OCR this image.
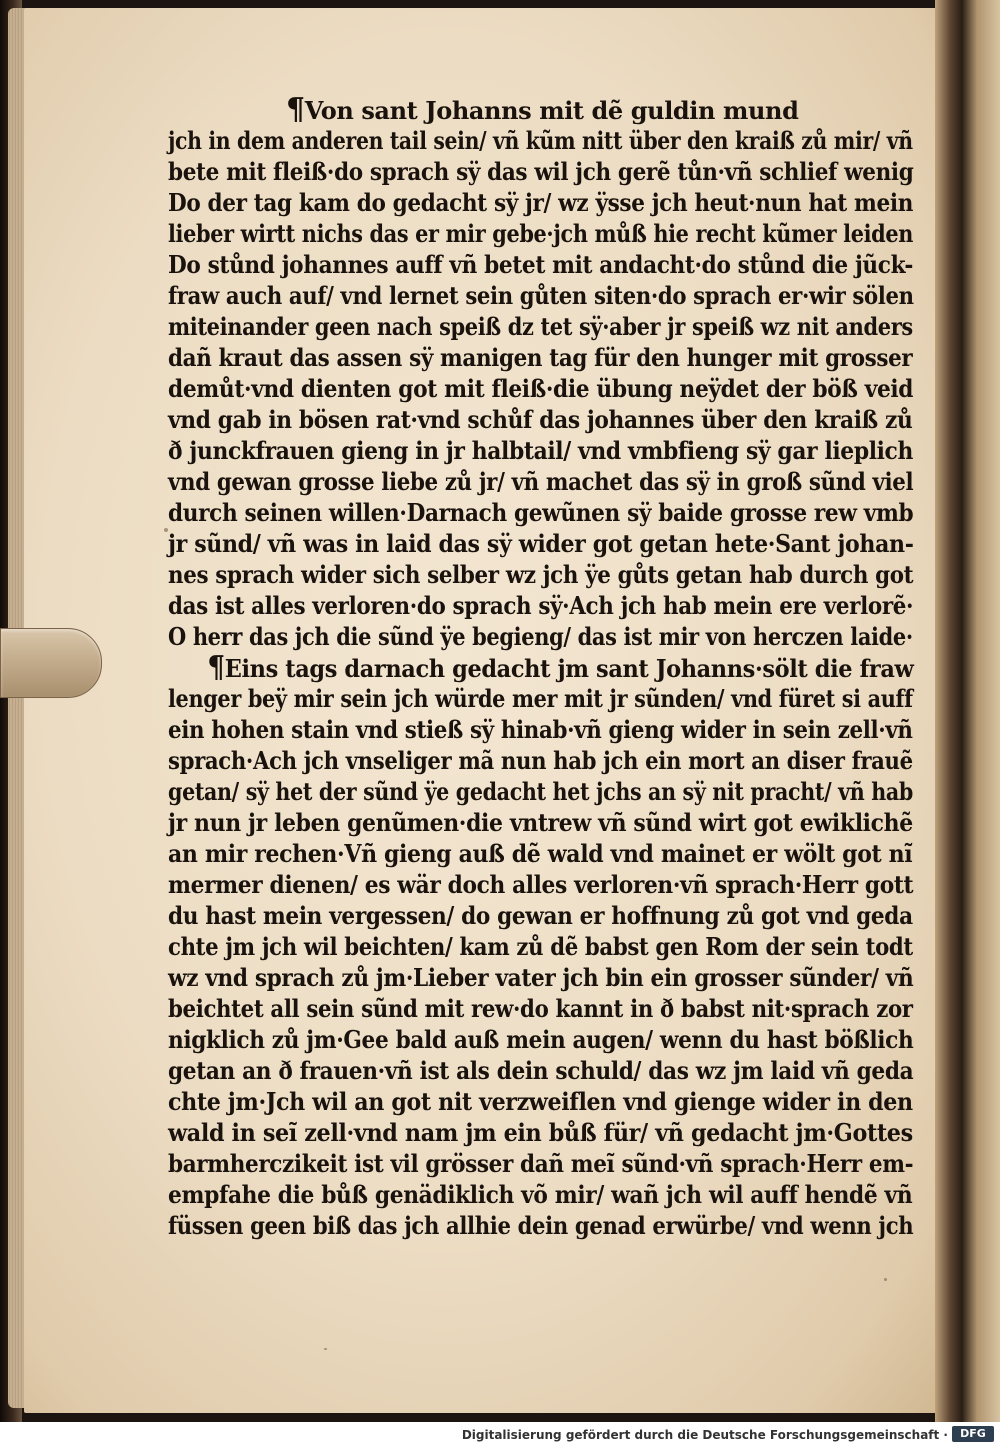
¶Von sant Johanns mit dẽ guldin mund
jch in dem anderen tail sein/ vñ kũm nitt über den kraiß zů mir/ vñ
bete mit fleiß·do sprach sÿ das wil jch gerẽ tůn·vñ schlief wenig
Do der tag kam do gedacht sÿ jr/ wz ÿsse jch heut·nun hat mein
lieber wirtt nichs das er mir gebe·jch můß hie recht kũmer leiden
Do stůnd johannes auff vñ betet mit andacht·do stůnd die jũck-
fraw auch auf/ vnd lernet sein gůten siten·do sprach er·wir sölen
miteinander geen nach speiß dz tet sÿ·aber jr speiß wz nit anders
dañ kraut das assen sÿ manigen tag für den hunger mit grosser
demůt·vnd dienten got mit fleiß·die übung neÿdet der böß veid
vnd gab in bösen rat·vnd schůf das johannes über den kraiß zů
ð junckfrauen gieng in jr halbtail/ vnd vmbfieng sÿ gar lieplich
vnd gewan grosse liebe zů jr/ vñ machet das sÿ in groß sũnd viel
durch seinen willen·Darnach gewũnen sÿ baide grosse rew vmb
jr sũnd/ vñ was in laid das sÿ wider got getan hete·Sant johan-
nes sprach wider sich selber wz jch ÿe gůts getan hab durch got
das ist alles verloren·do sprach sÿ·Ach jch hab mein ere verlorẽ·
O herr das jch die sũnd ÿe begieng/ das ist mir von herczen laide·
¶Eins tags darnach gedacht jm sant Johanns·sölt die fraw
lenger beÿ mir sein jch würde mer mit jr sũnden/ vnd füret si auff
ein hohen stain vnd stieß sÿ hinab·vñ gieng wider in sein zell·vñ
sprach·Ach jch vnseliger mã nun hab jch ein mort an diser frauẽ
getan/ sÿ het der sũnd ÿe gedacht het jchs an sÿ nit pracht/ vñ hab
jr nun jr leben genũmen·die vntrew vñ sũnd wirt got ewiklichẽ
an mir rechen·Vñ gieng auß dẽ wald vnd mainet er wölt got nĩ
mermer dienen/ es wär doch alles verloren·vñ sprach·Herr gott
du hast mein vergessen/ do gewan er hoffnung zů got vnd geda
chte jm jch wil beichten/ kam zů dẽ babst gen Rom der sein todt
wz vnd sprach zů jm·Lieber vater jch bin ein grosser sũnder/ vñ
beichtet all sein sũnd mit rew·do kannt in ð babst nit·sprach zor
nigklich zů jm·Gee bald auß mein augen/ wenn du hast bößlich
getan an ð frauen·vñ ist als dein schuld/ das wz jm laid vñ geda
chte jm·Jch wil an got nit verzweiflen vnd gienge wider in den
wald in seĩ zell·vnd nam jm ein bůß für/ vñ gedacht jm·Gottes
barmherczikeit ist vil grösser dañ meĩ sũnd·vñ sprach·Herr em-
empfahe die bůß genädiklich võ mir/ wañ jch wil auff hendẽ vñ
füssen geen biß das jch allhie dein genad erwürbe/ vnd wenn jch
Digitalisierung gefördert durch die Deutsche Forschungsgemeinschaft ·	DFG
